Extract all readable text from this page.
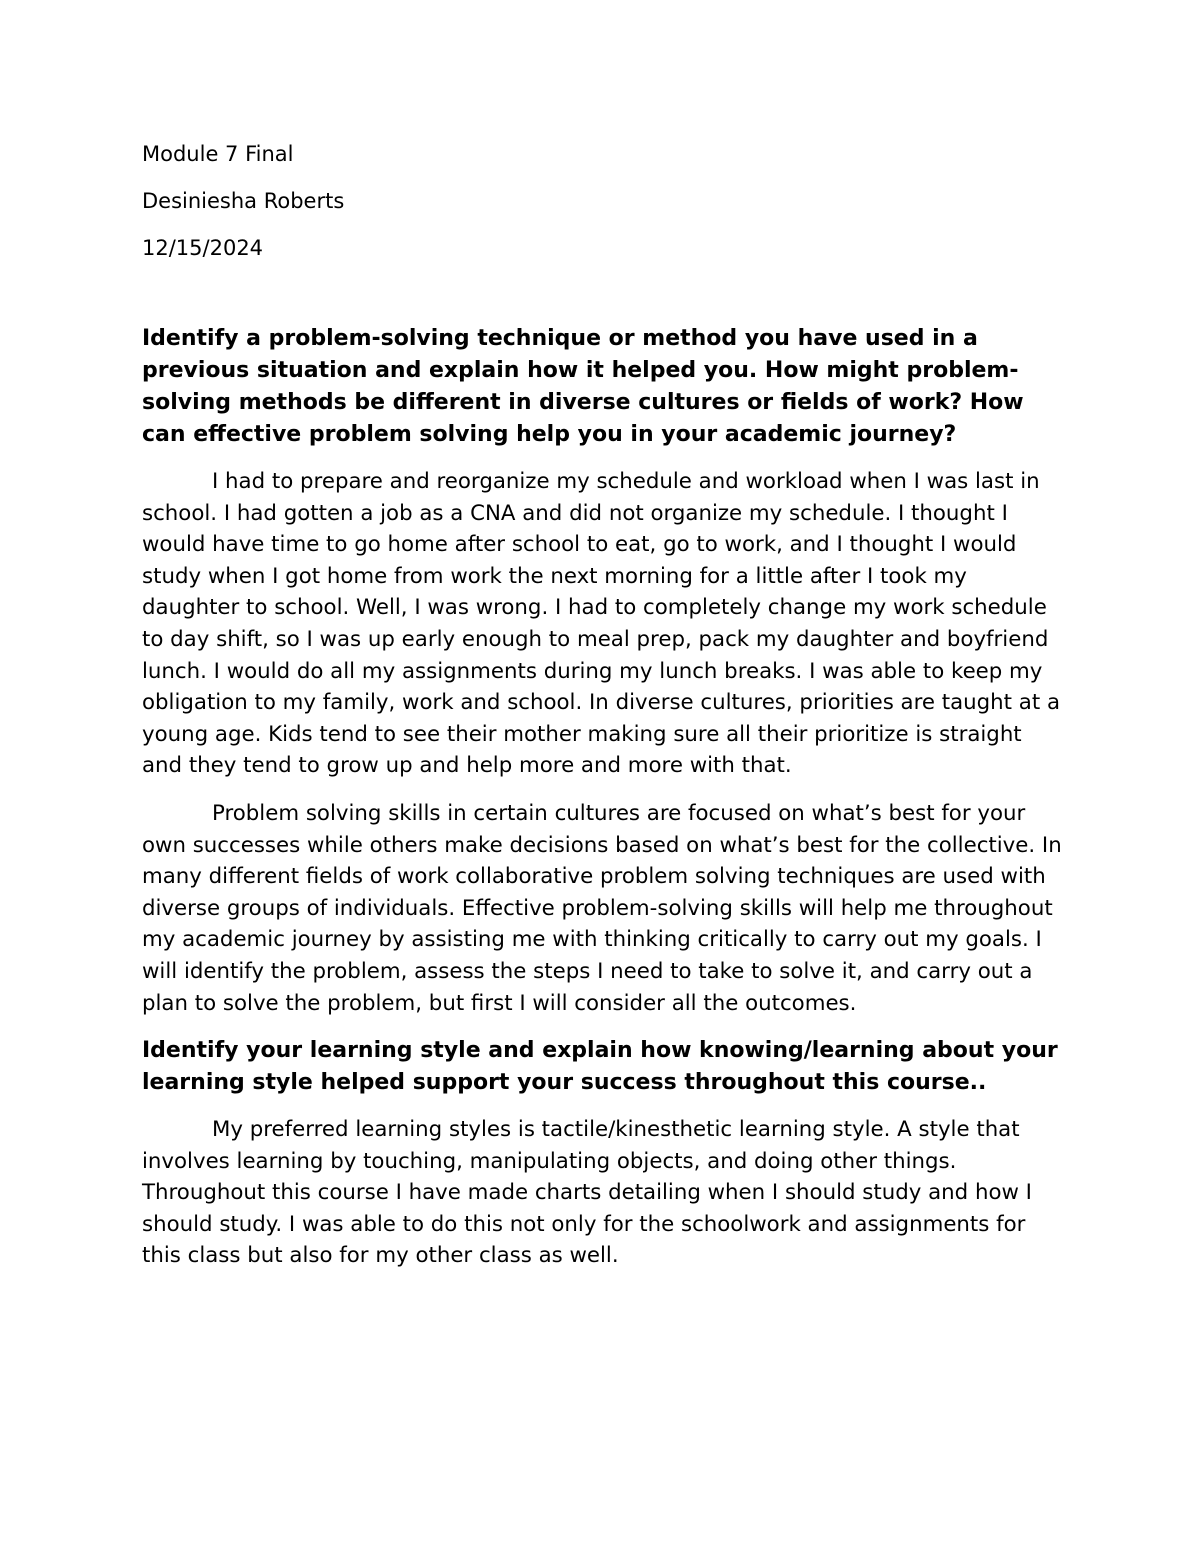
Module 7 Final
Desiniesha Roberts
12/15/2024
Identify a problem-solving technique or method you have used in a previous situation and explain how it helped you. How might problem-solving methods be different in diverse cultures or fields of work? How can effective problem solving help you in your academic journey?

I had to prepare and reorganize my schedule and workload when I was last in school. I had gotten a job as a CNA and did not organize my schedule. I thought I would have time to go home after school to eat, go to work, and I thought I would study when I got home from work the next morning for a little after I took my daughter to school. Well, I was wrong. I had to completely change my work schedule to day shift, so I was up early enough to meal prep, pack my daughter and boyfriend lunch. I would do all my assignments during my lunch breaks. I was able to keep my obligation to my family, work and school. In diverse cultures, priorities are taught at a young age. Kids tend to see their mother making sure all their prioritize is straight and they tend to grow up and help more and more with that.

Problem solving skills in certain cultures are focused on what’s best for your own successes while others make decisions based on what’s best for the collective. In many different fields of work collaborative problem solving techniques are used with diverse groups of individuals. Effective problem-solving skills will help me throughout my academic journey by assisting me with thinking critically to carry out my goals. I will identify the problem, assess the steps I need to take to solve it, and carry out a plan to solve the problem, but first I will consider all the outcomes.

Identify your learning style and explain how knowing/learning about your learning style helped support your success throughout this course..

My preferred learning styles is tactile/kinesthetic learning style. A style that involves learning by touching, manipulating objects, and doing other things. Throughout this course I have made charts detailing when I should study and how I should study. I was able to do this not only for the schoolwork and assignments for this class but also for my other class as well.
